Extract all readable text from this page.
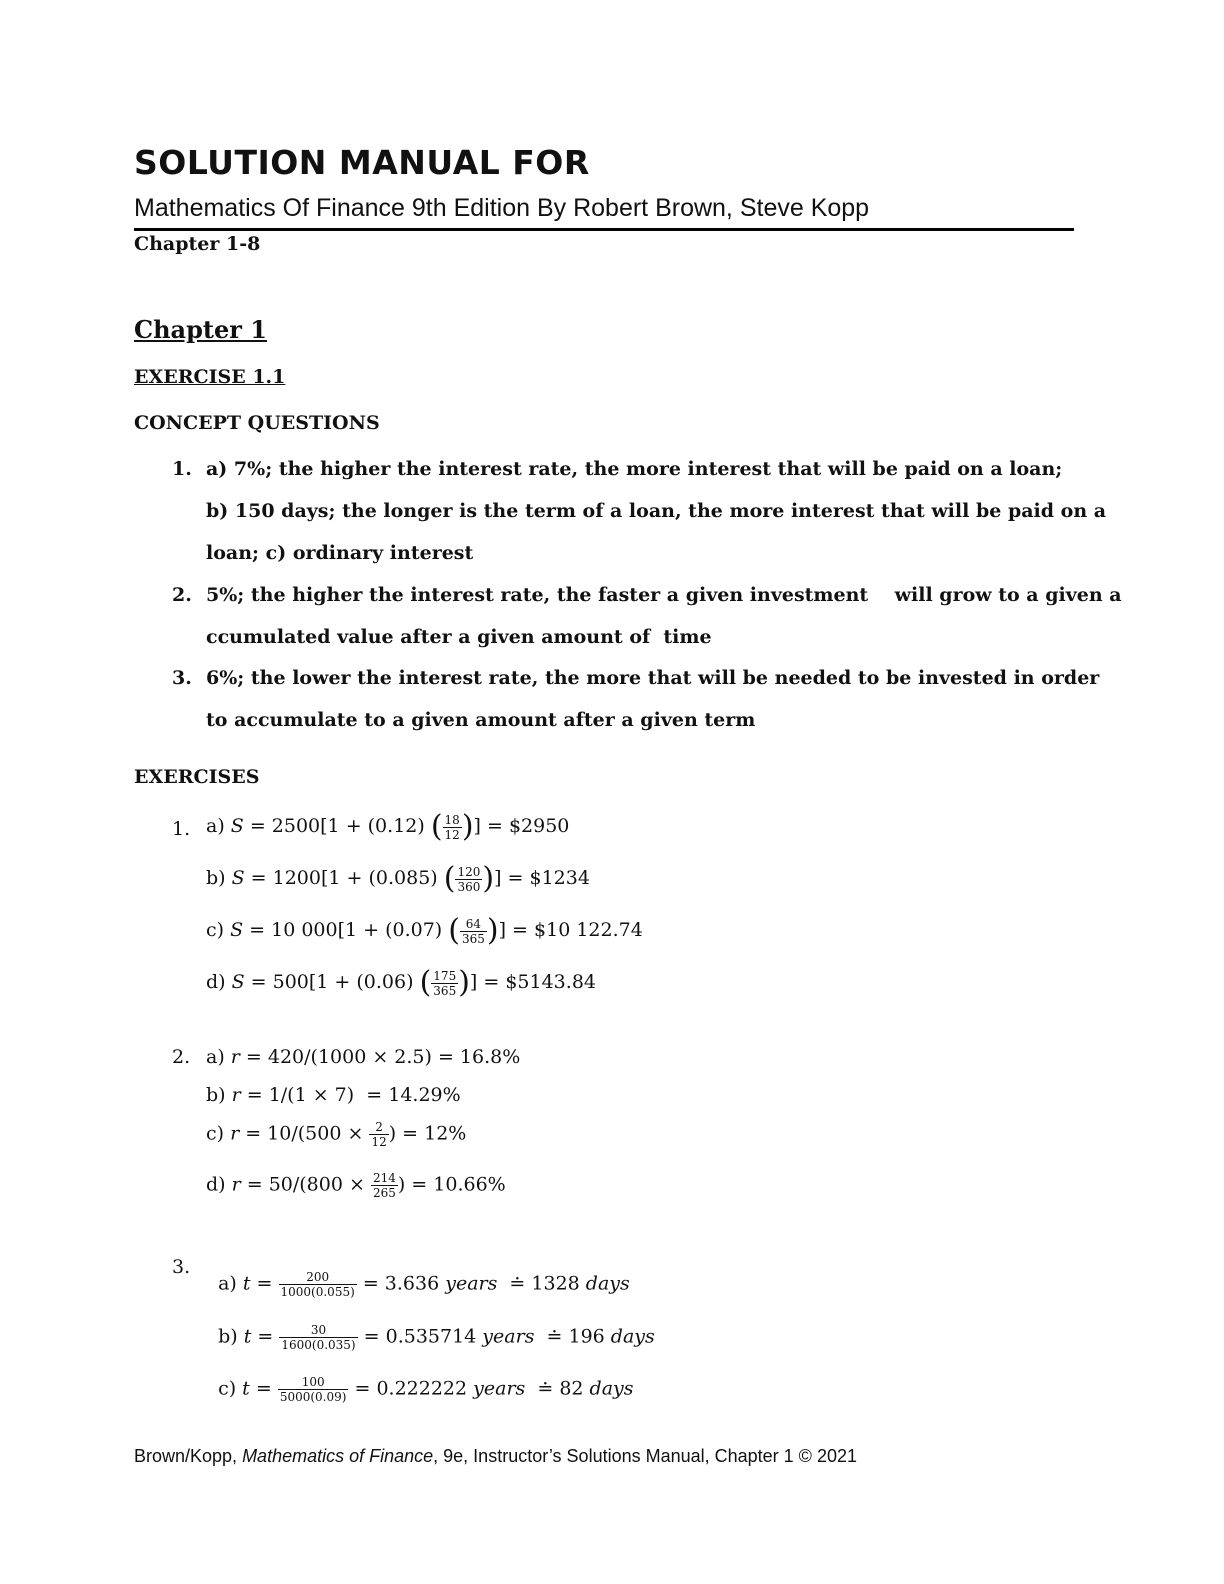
SOLUTION MANUAL FOR
Mathematics Of Finance 9th Edition By Robert Brown, Steve Kopp
Chapter 1-8
Chapter 1
EXERCISE 1.1
CONCEPT QUESTIONS
1. a) 7%; the higher the interest rate, the more interest that will be paid on a loan;
b) 150 days; the longer is the term of a loan, the more interest that will be paid on a
loan; c) ordinary interest
2. 5%; the higher the interest rate, the faster a given investment    will grow to a given a
ccumulated value after a given amount of  time
3. 6%; the lower the interest rate, the more that will be needed to be invested in order
to accumulate to a given amount after a given term
EXERCISES
1. a) 𝑆 = 2500[1 + (0.12) ( $\frac{18}{12}$ )] = $2950
b) 𝑆 = 1200[1 + (0.085) ( $\frac{120}{360}$ )] = $1234
c) 𝑆 = 10 000[1 + (0.07) ( $\frac{64}{365}$ )] = $10 122.74
d) 𝑆 = 500[1 + (0.06) ( $\frac{175}{365}$ )] = $5143.84
2. a) 𝑟 = 420/(1000 × 2.5) = 16.8%
b) 𝑟 = 1/(1 × 7)  = 14.29%
c) 𝑟 = $10/(500 \times \frac{2}{12}$ ) = 12%
d) 𝑟 = $50/(800 \times \frac{214}{265}$ ) = 10.66%
3.

a) 𝑡 = $\frac{200}{1000(0.055)} = 3.636$ 𝑦𝑒𝑎𝑟𝑠  ≐ 1328 𝑑𝑎𝑦𝑠

b) 𝑡 = $\frac{30}{1600(0.035)} = 0.535714$ 𝑦𝑒𝑎𝑟𝑠  ≐ 196 𝑑𝑎𝑦𝑠

c) 𝑡 = $\frac{100}{5000(0.09)} = 0.222222$ 𝑦𝑒𝑎𝑟𝑠  ≐ 82 𝑑𝑎𝑦𝑠

Brown/Kopp, Mathematics of Finance, 9e, Instructor’s Solutions Manual, Chapter 1 © 2021
